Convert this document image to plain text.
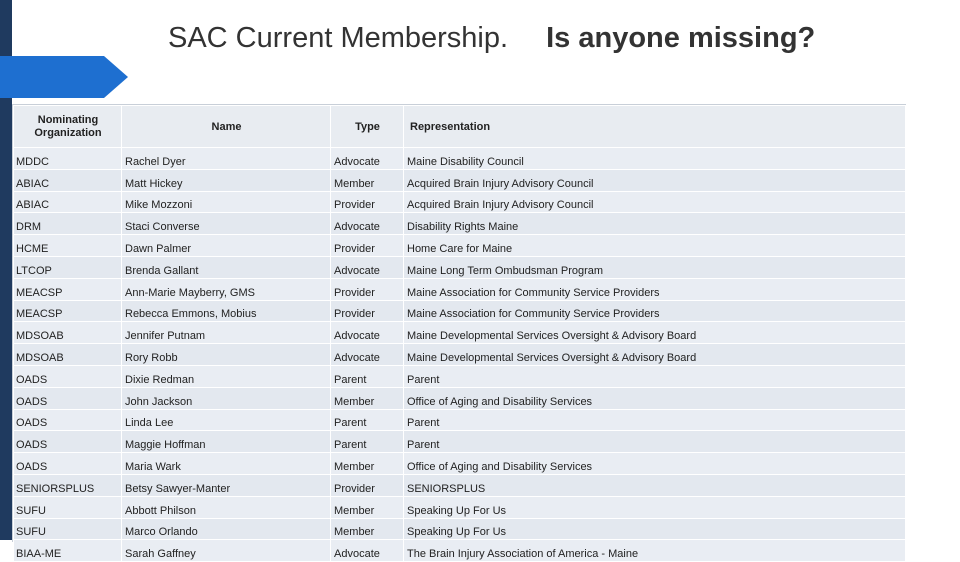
SAC Current Membership. Is anyone missing?
Nominating Organization	Name	Type	Representation
MDDC	Rachel Dyer	Advocate	Maine Disability Council
ABIAC	Matt Hickey	Member	Acquired Brain Injury Advisory Council
ABIAC	Mike Mozzoni	Provider	Acquired Brain Injury Advisory Council
DRM	Staci Converse	Advocate	Disability Rights Maine
HCME	Dawn Palmer	Provider	Home Care for Maine
LTCOP	Brenda Gallant	Advocate	Maine Long Term Ombudsman Program
MEACSP	Ann-Marie Mayberry, GMS	Provider	Maine Association for Community Service Providers
MEACSP	Rebecca Emmons, Mobius	Provider	Maine Association for Community Service Providers
MDSOAB	Jennifer Putnam	Advocate	Maine Developmental Services Oversight & Advisory Board
MDSOAB	Rory Robb	Advocate	Maine Developmental Services Oversight & Advisory Board
OADS	Dixie Redman	Parent	Parent
OADS	John Jackson	Member	Office of Aging and Disability Services
OADS	Linda Lee	Parent	Parent
OADS	Maggie Hoffman	Parent	Parent
OADS	Maria Wark	Member	Office of Aging and Disability Services
SENIORSPLUS	Betsy Sawyer-Manter	Provider	SENIORSPLUS
SUFU	Abbott Philson	Member	Speaking Up For Us
SUFU	Marco Orlando	Member	Speaking Up For Us
BIAA-ME	Sarah Gaffney	Advocate	The Brain Injury Association of America - Maine
